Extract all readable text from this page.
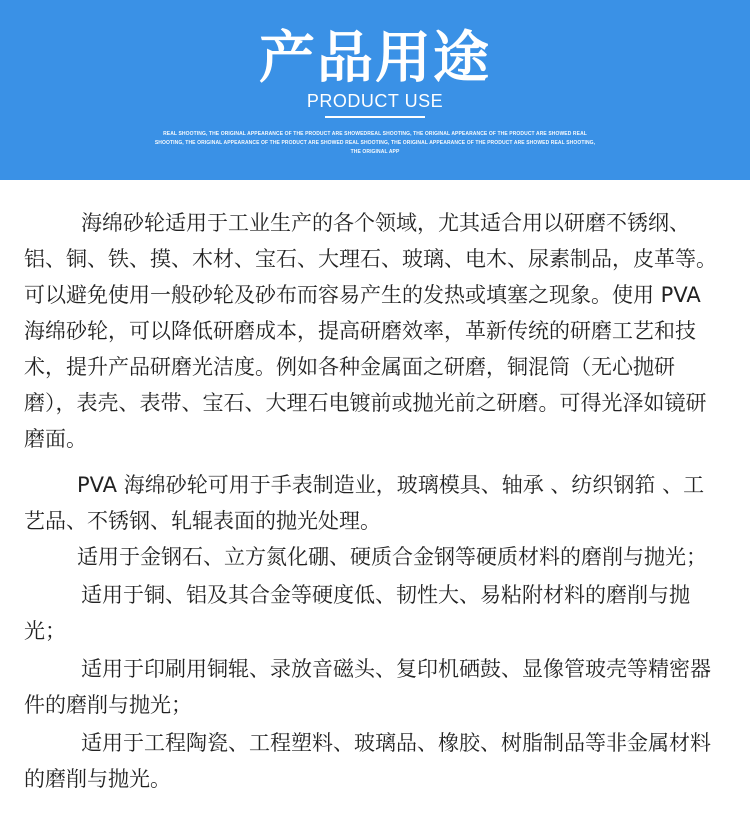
产品用途
PRODUCT USE
REAL SHOOTING, THE ORIGINAL APPEARANCE OF THE PRODUCT ARE SHOWEDREAL SHOOTING, THE ORIGINAL APPEARANCE OF THE PRODUCT ARE SHOWED REAL SHOOTING, THE ORIGINAL APPEARANCE OF THE PRODUCT ARE SHOWED REAL SHOOTING, THE ORIGINAL APPEARANCE OF THE PRODUCT ARE SHOWED REAL SHOOTING, THE ORIGINAL APP

海绵砂轮适用于工业生产的各个领域，尤其适合用以研磨不锈纲、铝、铜、铁、摸、木材、宝石、大理石、玻璃、电木、尿素制品，皮革等。可以避免使用一般砂轮及砂布而容易产生的发热或填塞之现象。使用 PVA 海绵砂轮，可以降低研磨成本，提高研磨效率，革新传统的研磨工艺和技术，提升产品研磨光洁度。例如各种金属面之研磨，铜混筒（无心抛研磨），表壳、表带、宝石、大理石电镀前或抛光前之研磨。可得光泽如镜研磨面。

PVA 海绵砂轮可用于手表制造业，玻璃模具、轴承 、纺织钢筘 、工艺品、不锈钢、轧辊表面的抛光处理。

适用于金钢石、立方氮化硼、硬质合金钢等硬质材料的磨削与抛光；

适用于铜、铝及其合金等硬度低、韧性大、易粘附材料的磨削与抛光；

适用于印刷用铜辊、录放音磁头、复印机硒鼓、显像管玻壳等精密器件的磨削与抛光；

适用于工程陶瓷、工程塑料、玻璃品、橡胶、树脂制品等非金属材料的磨削与抛光。
